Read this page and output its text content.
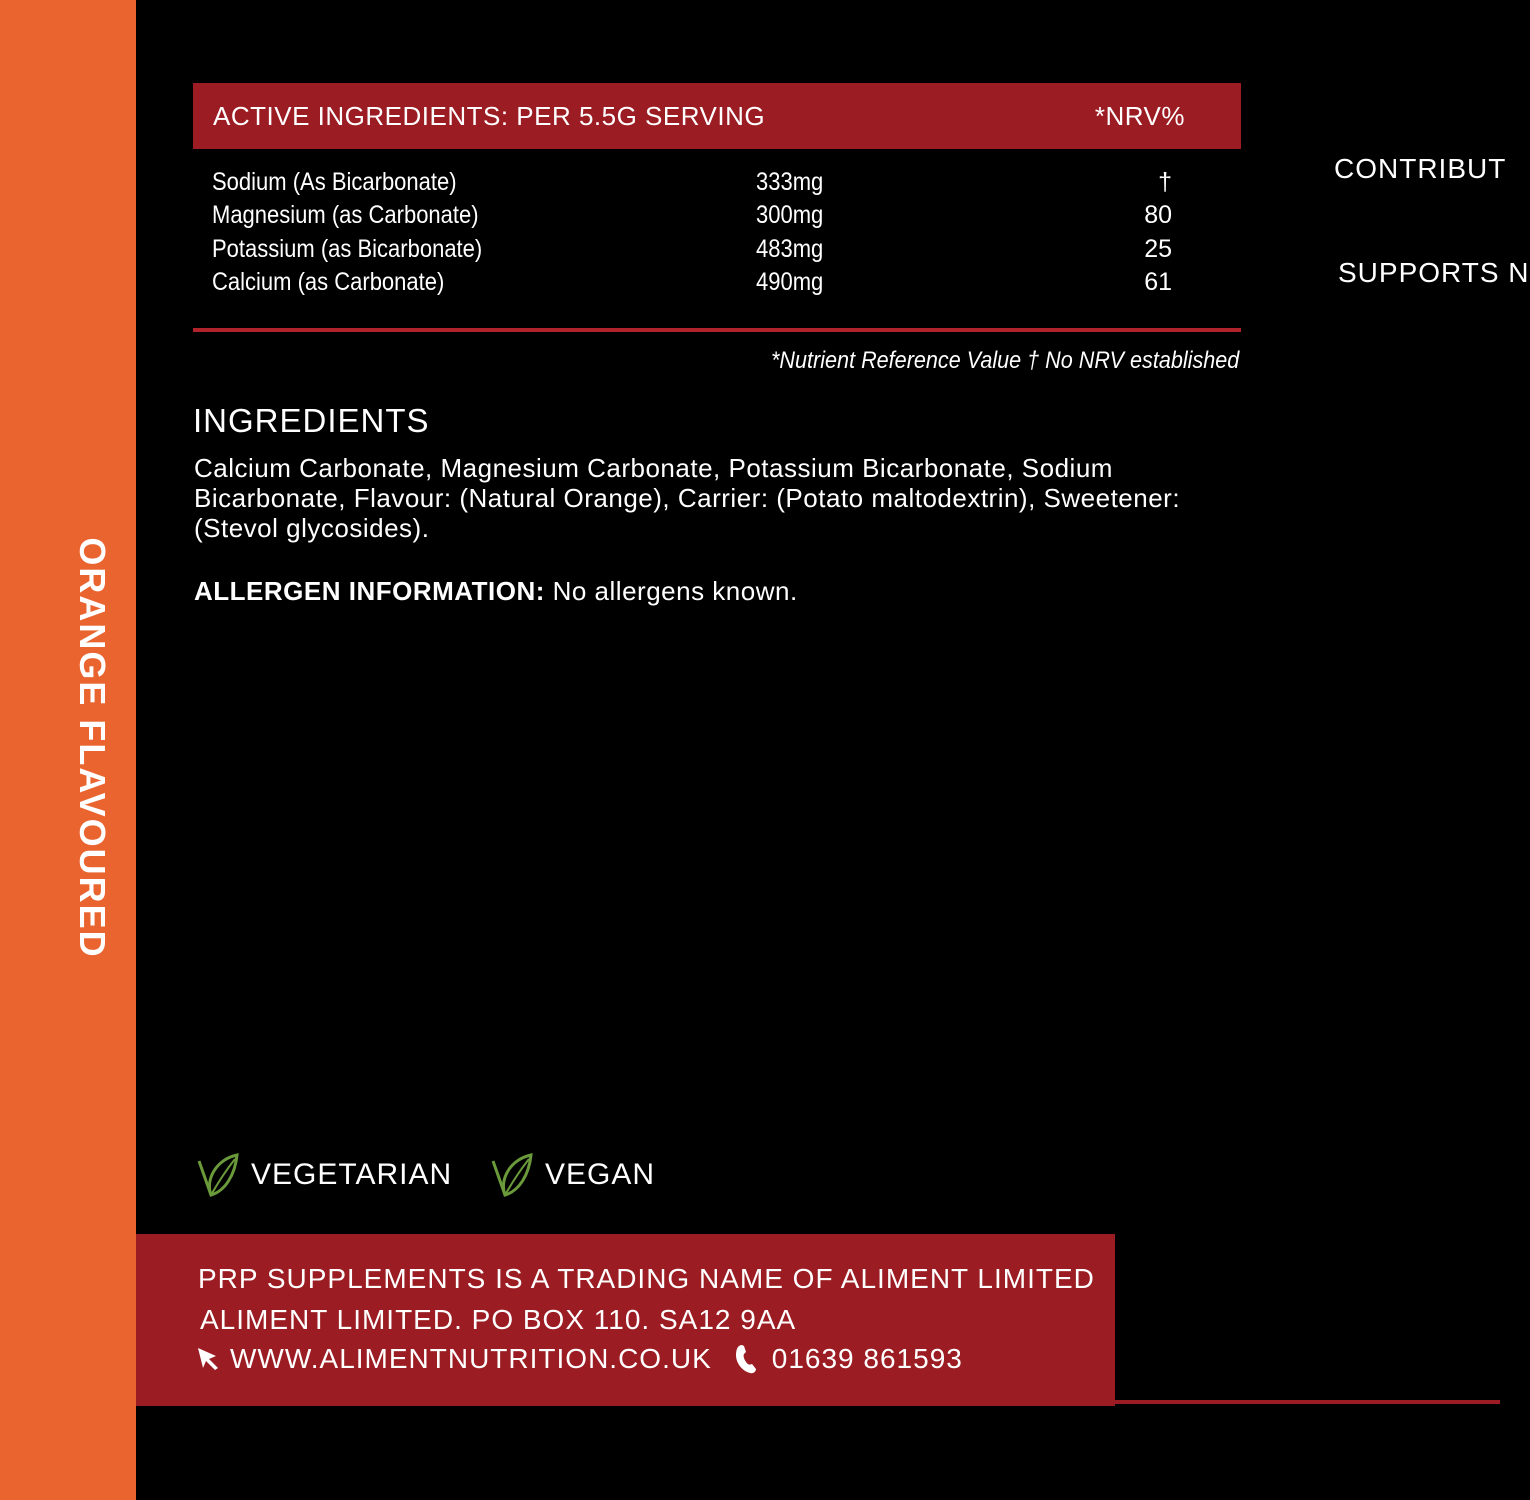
ORANGE FLAVOURED
ACTIVE INGREDIENTS: PER 5.5G SERVING	*NRV%
Sodium (As Bicarbonate)	333mg	†
Magnesium (as Carbonate)	300mg	80
Potassium (as Bicarbonate)	483mg	25
Calcium (as Carbonate)	490mg	61
*Nutrient Reference Value † No NRV established
CONTRIBUT
SUPPORTS N
INGREDIENTS
Calcium Carbonate, Magnesium Carbonate, Potassium Bicarbonate, Sodium Bicarbonate, Flavour: (Natural Orange), Carrier: (Potato maltodextrin), Sweetener: (Stevol glycosides).
ALLERGEN INFORMATION: No allergens known.
VEGETARIAN	VEGAN
PRP SUPPLEMENTS IS A TRADING NAME OF ALIMENT LIMITED
ALIMENT LIMITED. PO BOX 110. SA12 9AA
WWW.ALIMENTNUTRITION.CO.UK 01639 861593
